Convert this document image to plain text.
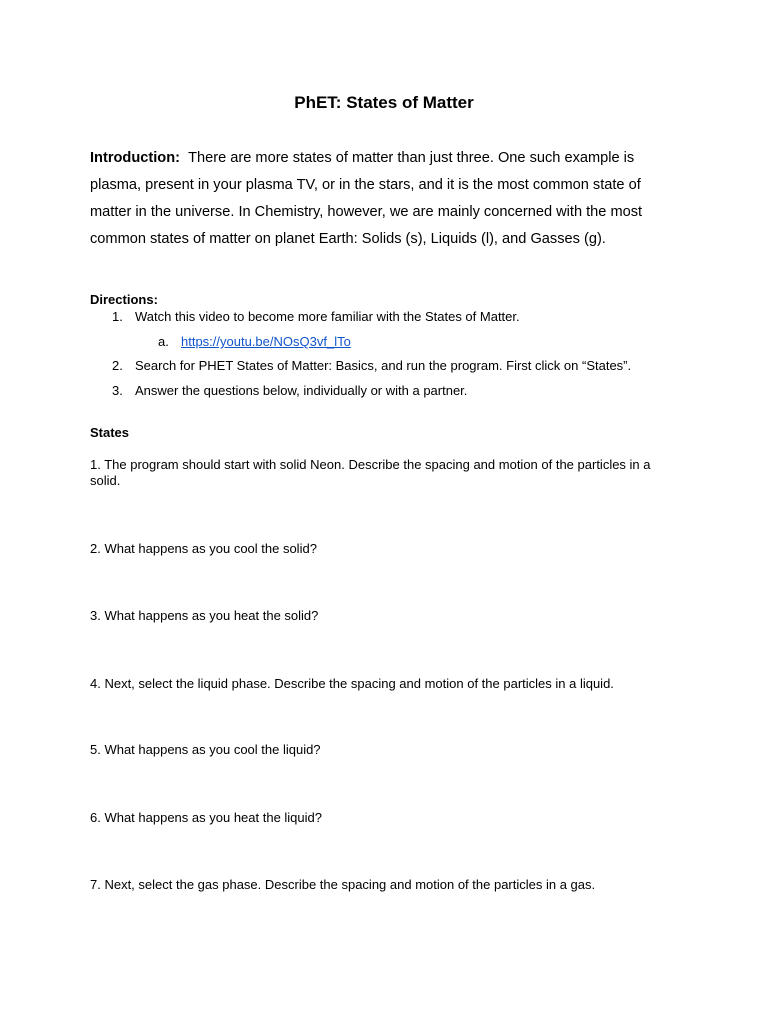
PhET: States of Matter
Introduction: There are more states of matter than just three. One such example is plasma, present in your plasma TV, or in the stars, and it is the most common state of matter in the universe. In Chemistry, however, we are mainly concerned with the most common states of matter on planet Earth: Solids (s), Liquids (l), and Gasses (g).
Directions:
1. Watch this video to become more familiar with the States of Matter.
a. https://youtu.be/NOsQ3vf_lTo
2. Search for PHET States of Matter: Basics, and run the program. First click on “States”.
3. Answer the questions below, individually or with a partner.
States
1. The program should start with solid Neon. Describe the spacing and motion of the particles in a solid.
2. What happens as you cool the solid?
3. What happens as you heat the solid?
4. Next, select the liquid phase. Describe the spacing and motion of the particles in a liquid.
5. What happens as you cool the liquid?
6. What happens as you heat the liquid?
7. Next, select the gas phase. Describe the spacing and motion of the particles in a gas.
